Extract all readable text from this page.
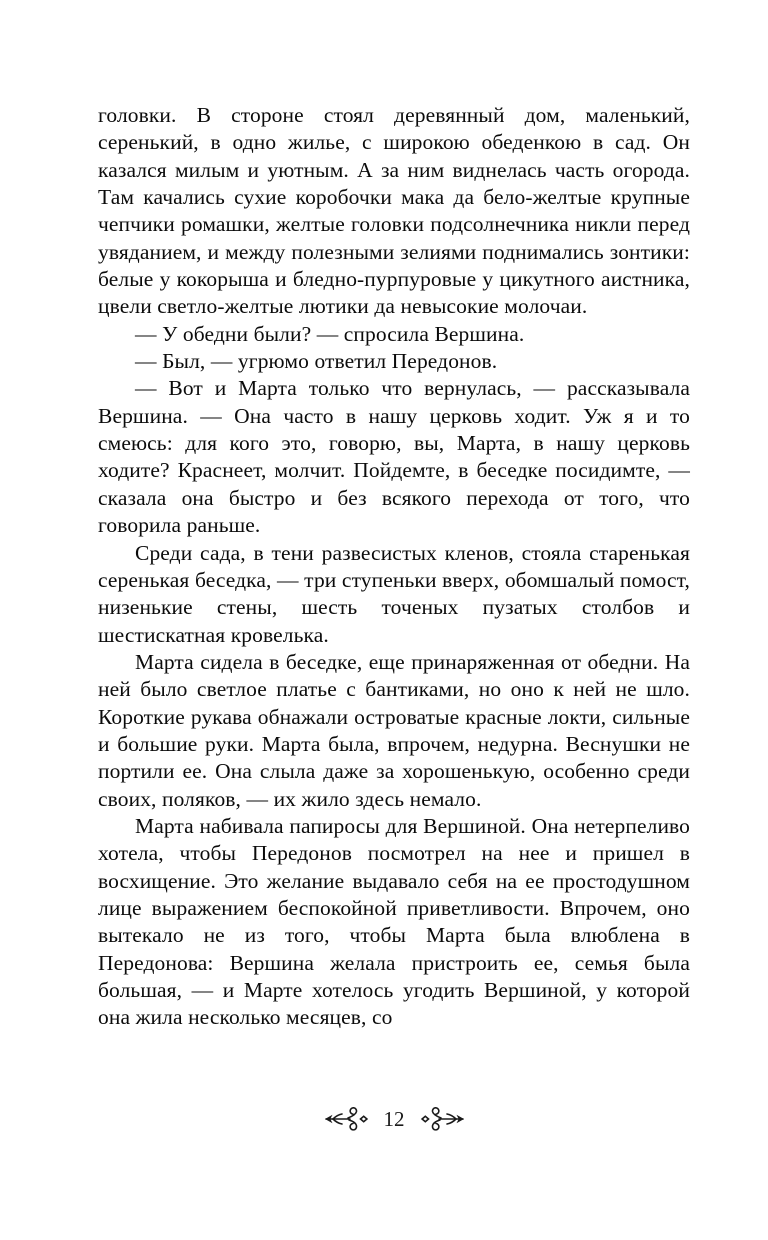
головки. В стороне стоял деревянный дом, маленький, серенький, в одно жилье, с широкою обеденкою в сад. Он казался милым и уютным. А за ним виднелась часть огорода. Там качались сухие коробочки мака да бело-желтые крупные чепчики ромашки, желтые головки подсолнечника никли перед увяданием, и между полезными зелиями поднимались зонтики: белые у кокорыша и бледно-пурпуровые у цикутного аистника, цвели светло-желтые лютики да невысокие молочаи.

— У обедни были? — спросила Вершина.

— Был, — угрюмо ответил Передонов.

— Вот и Марта только что вернулась, — рассказывала Вершина. — Она часто в нашу церковь ходит. Уж я и то смеюсь: для кого это, говорю, вы, Марта, в нашу церковь ходите? Краснеет, молчит. Пойдемте, в беседке посидимте, — сказала она быстро и без всякого перехода от того, что говорила раньше.

Среди сада, в тени развесистых кленов, стояла старенькая серенькая беседка, — три ступеньки вверх, обомшалый помост, низенькие стены, шесть точеных пузатых столбов и шестискатная кровелька.

Марта сидела в беседке, еще принаряженная от обедни. На ней было светлое платье с бантиками, но оно к ней не шло. Короткие рукава обнажали островатые красные локти, сильные и большие руки. Марта была, впрочем, недурна. Веснушки не портили ее. Она слыла даже за хорошенькую, особенно среди своих, поляков, — их жило здесь немало.

Марта набивала папиросы для Вершиной. Она нетерпеливо хотела, чтобы Передонов посмотрел на нее и пришел в восхищение. Это желание выдавало себя на ее простодушном лице выражением беспокойной приветливости. Впрочем, оно вытекало не из того, чтобы Марта была влюблена в Передонова: Вершина желала пристроить ее, семья была большая, — и Марте хотелось угодить Вершиной, у которой она жила несколько месяцев, со

12
